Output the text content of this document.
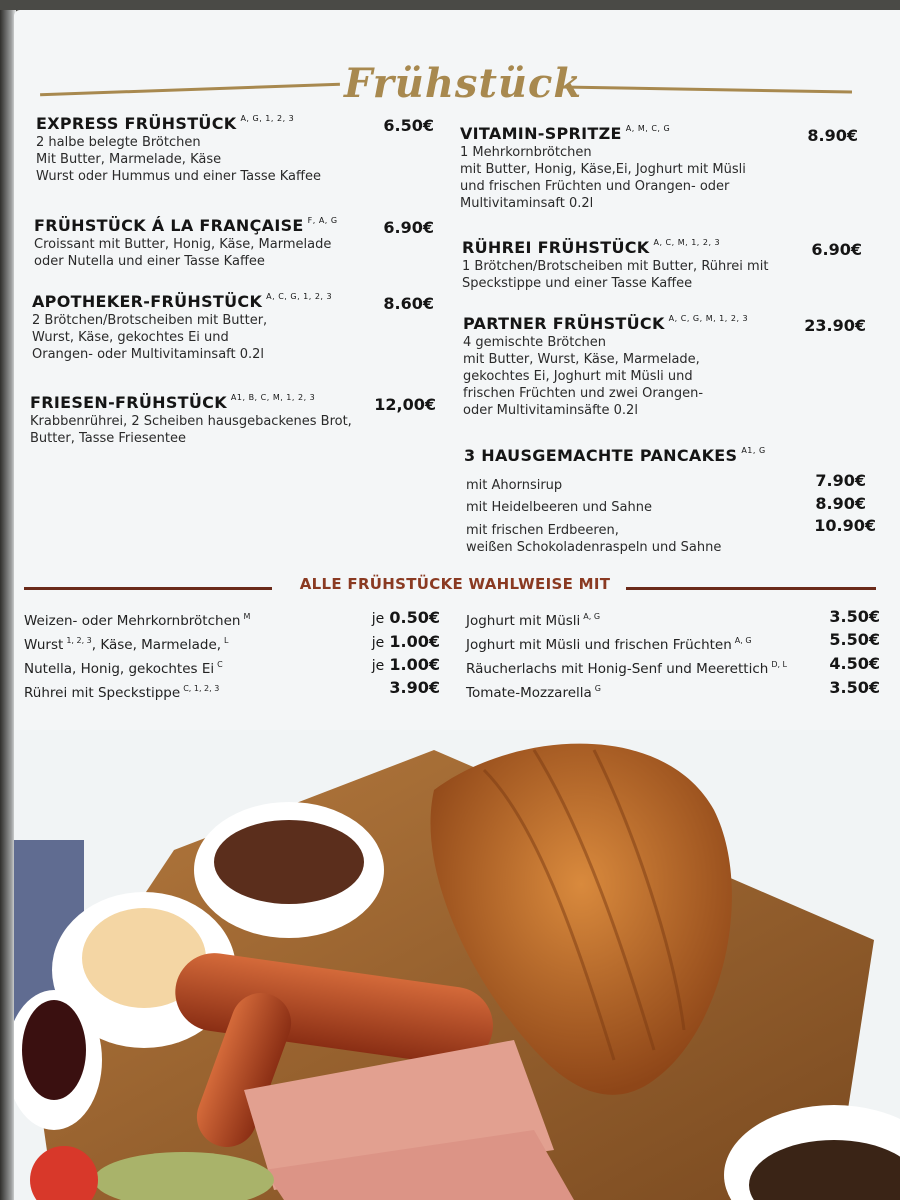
Frühstück
EXPRESS FRÜHSTÜCK $^{A, G, 1, 2, 3}$
2 halbe belegte Brötchen
Mit Butter, Marmelade, Käse
Wurst oder Hummus und einer Tasse Kaffee
6.50€
FRÜHSTÜCK Á LA FRANÇAISE $^{F, A, G}$
Croissant mit Butter, Honig, Käse, Marmelade
oder Nutella und einer Tasse Kaffee
6.90€
APOTHEKER-FRÜHSTÜCK $^{A, C, G, 1, 2, 3}$
2 Brötchen/Brotscheiben mit Butter,
Wurst, Käse, gekochtes Ei und
Orangen- oder Multivitaminsaft 0.2l
8.60€
FRIESEN-FRÜHSTÜCK $^{A1, B, C, M, 1, 2, 3}$
Krabbenrührei, 2 Scheiben hausgebackenes Brot,
Butter, Tasse Friesentee
12,00€
VITAMIN-SPRITZE $^{A, M, C, G}$
1 Mehrkornbrötchen
mit Butter, Honig, Käse,Ei, Joghurt mit Müsli
und frischen Früchten und Orangen- oder
Multivitaminsaft 0.2l
8.90€
RÜHREI FRÜHSTÜCK $^{A, C, M, 1, 2, 3}$
1 Brötchen/Brotscheiben mit Butter, Rührei mit
Speckstippe und einer Tasse Kaffee
6.90€
PARTNER FRÜHSTÜCK $^{A, C, G, M, 1, 2, 3}$
4 gemischte Brötchen
mit Butter, Wurst, Käse, Marmelade,
gekochtes Ei, Joghurt mit Müsli und
frischen Früchten und zwei Orangen-
oder Multivitaminsäfte 0.2l
23.90€
3 HAUSGEMACHTE PANCAKES $^{A1, G}$
mit Ahornsirup	7.90€
mit Heidelbeeren und Sahne	8.90€
mit frischen Erdbeeren,
weißen Schokoladenraspeln und Sahne
10.90€
ALLE FRÜHSTÜCKE WAHLWEISE MIT
Weizen- oder Mehrkornbrötchen $^M$	je 0.50€
Wurst $^{1, 2, 3}$, Käse, Marmelade, $^L$	je 1.00€
Nutella, Honig, gekochtes Ei $^C$	je 1.00€
Rührei mit Speckstippe $^{C, 1, 2, 3}$	3.90€
Joghurt mit Müsli $^{A, G}$	3.50€
Joghurt mit Müsli und frischen Früchten $^{A, G}$	5.50€
Räucherlachs mit Honig-Senf und Meerettich $^{D, L}$	4.50€
Tomate-Mozzarella $^G$	3.50€
